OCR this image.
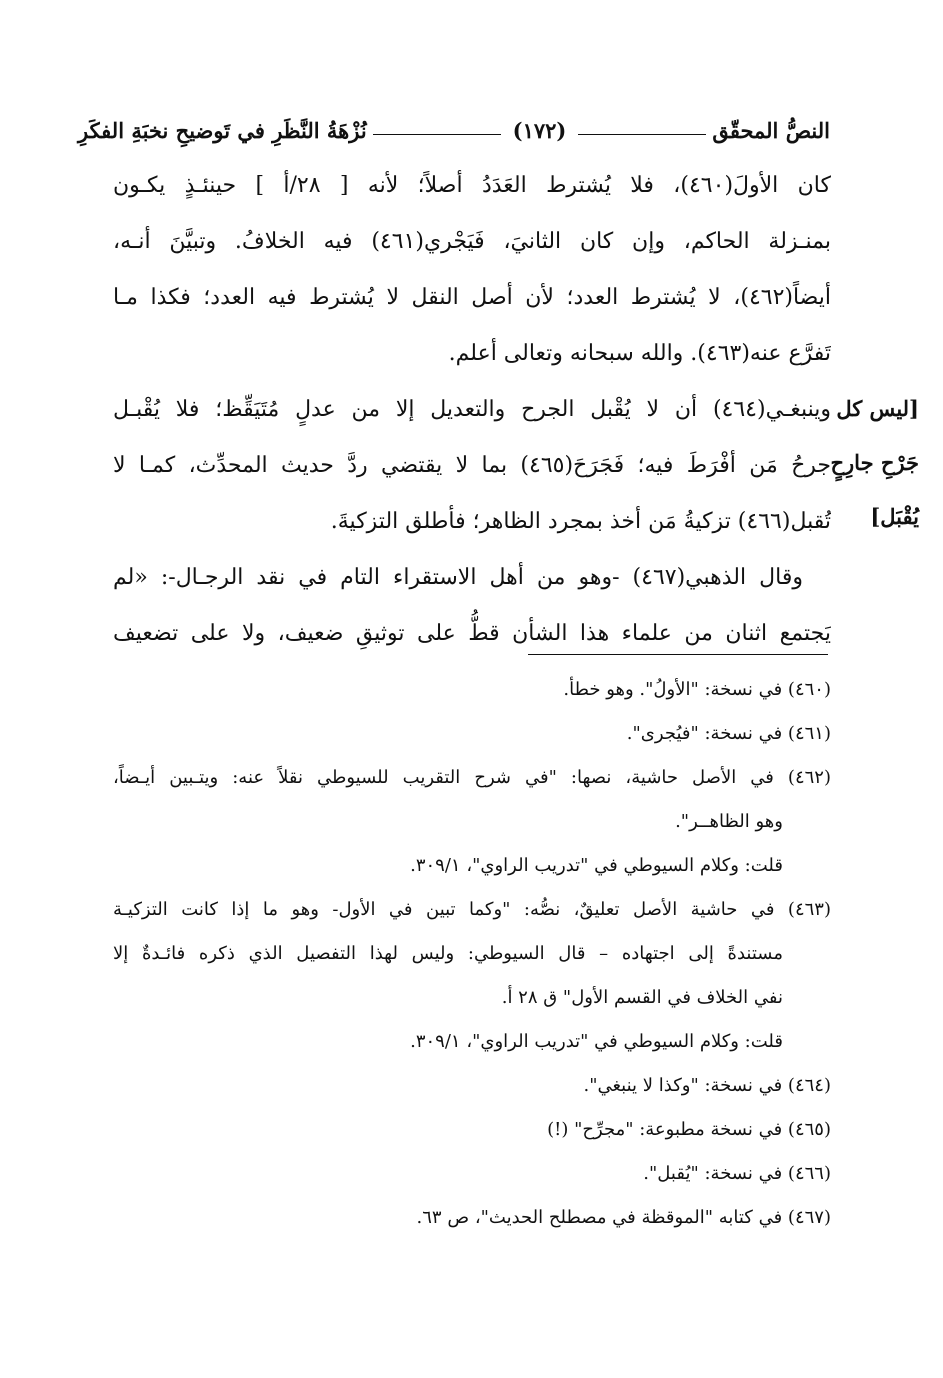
النصُّ المحقّق
(١٧٢)
نُزْهَةُ النَّظَرِ في تَوضيحِ نخبَةِ الفكَرِ
كان الأولَ(٤٦٠)، فلا يُشترط العَدَدُ أصلاً؛ لأنه [ ٢٨/أ ] حينئـذٍ يكـون
بمنـزلة الحاكم، وإن كان الثانيَ، فَيَجْري(٤٦١) فيه الخلافُ. وتبيَّنَ أنـه،
أيضاً(٤٦٢)، لا يُشترط العدد؛ لأن أصل النقل لا يُشترط فيه العدد؛ فكذا مـا
تَفرَّع عنه(٤٦٣). والله سبحانه وتعالى أعلم.
وينبغـي(٤٦٤) أن لا يُقْبل الجرح والتعديل إلا من عدلٍ مُتَيَقِّظ؛ فلا يُقْبـل
جرحُ مَن أفْرَطَ فيه؛ فَجَرَحَ(٤٦٥) بما لا يقتضي ردَّ حديث المحدِّث، كمـا لا
تُقبل(٤٦٦) تزكيةُ مَن أخذ بمجرد الظاهر؛ فأطلق التزكيةَ.
وقال الذهبي(٤٦٧) -وهو من أهل الاستقراء التام في نقد الرجـال-: «لم
يَجتمع اثنان من علماء هذا الشأن قطُّ على توثيقِ ضعيف، ولا على تضعيف
[ليس كل
جَرْحِ جارِحٍ
يُقْبَل]
(٤٦٠) في نسخة: "الأولُ". وهو خطأ.
(٤٦١) في نسخة: "فيُجرى".
(٤٦٢) في الأصل حاشية، نصها: "في شرح التقريب للسيوطي نقلاً عنه: ويتـبين أيـضاً،
وهو الظاهــر".
قلت: وكلام السيوطي في "تدريب الراوي"، ٣٠٩/١.
(٤٦٣) في حاشية الأصل تعليقٌ، نصُّه: "وكما تبين في الأول- وهو ما إذا كانت التزكيـة
مستندةً إلى اجتهاده – قال السيوطي: وليس لهذا التفصيل الذي ذكره فائـدةٌ إلا
نفي الخلاف في القسم الأول" ق ٢٨ أ.
قلت: وكلام السيوطي في "تدريب الراوي"، ٣٠٩/١.
(٤٦٤) في نسخة: "وكذا لا ينبغي".
(٤٦٥) في نسخة مطبوعة: "مجرِّح" (!)
(٤٦٦) في نسخة: "يُقبل".
(٤٦٧) في كتابه "الموقظة في مصطلح الحديث"، ص ٦٣.
